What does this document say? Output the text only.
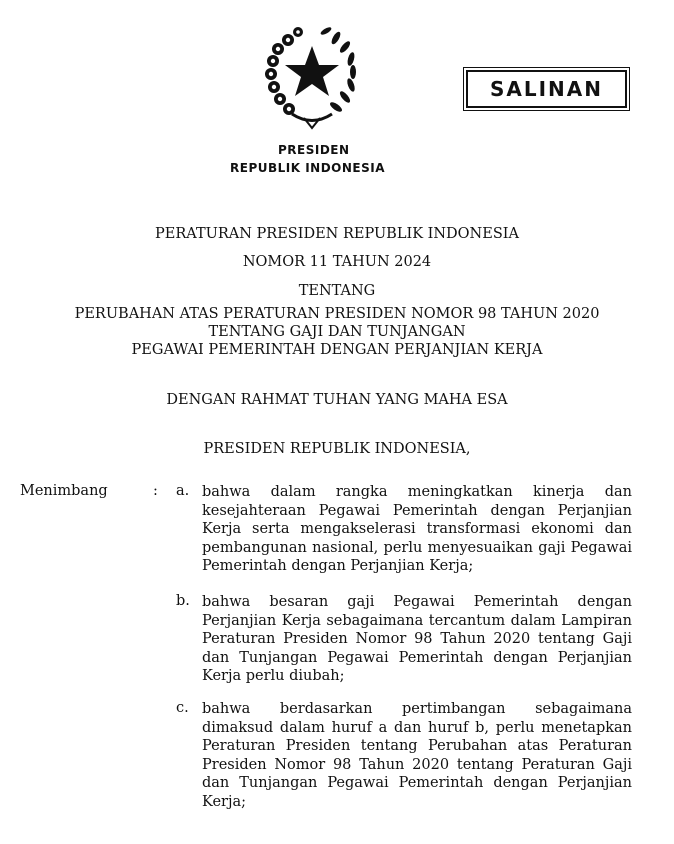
SALINAN
PRESIDEN
REPUBLIK INDONESIA
PERATURAN PRESIDEN REPUBLIK INDONESIA
NOMOR 11 TAHUN 2024
TENTANG
PERUBAHAN ATAS PERATURAN PRESIDEN NOMOR 98 TAHUN 2020
TENTANG GAJI DAN TUNJANGAN
PEGAWAI PEMERINTAH DENGAN PERJANJIAN KERJA
DENGAN RAHMAT TUHAN YANG MAHA ESA
PRESIDEN REPUBLIK INDONESIA,
Menimbang	: a. bahwa dalam rangka meningkatkan kinerja dan kesejahteraan Pegawai Pemerintah dengan Perjanjian Kerja serta mengakselerasi transformasi ekonomi dan pembangunan nasional, perlu menyesuaikan gaji Pegawai Pemerintah dengan Perjanjian Kerja;
b. bahwa besaran gaji Pegawai Pemerintah dengan Perjanjian Kerja sebagaimana tercantum dalam Lampiran Peraturan Presiden Nomor 98 Tahun 2020 tentang Gaji dan Tunjangan Pegawai Pemerintah dengan Perjanjian Kerja perlu diubah;
c. bahwa berdasarkan pertimbangan sebagaimana dimaksud dalam huruf a dan huruf b, perlu menetapkan Peraturan Presiden tentang Perubahan atas Peraturan Presiden Nomor 98 Tahun 2020 tentang Peraturan Gaji dan Tunjangan Pegawai Pemerintah dengan Perjanjian Kerja;
